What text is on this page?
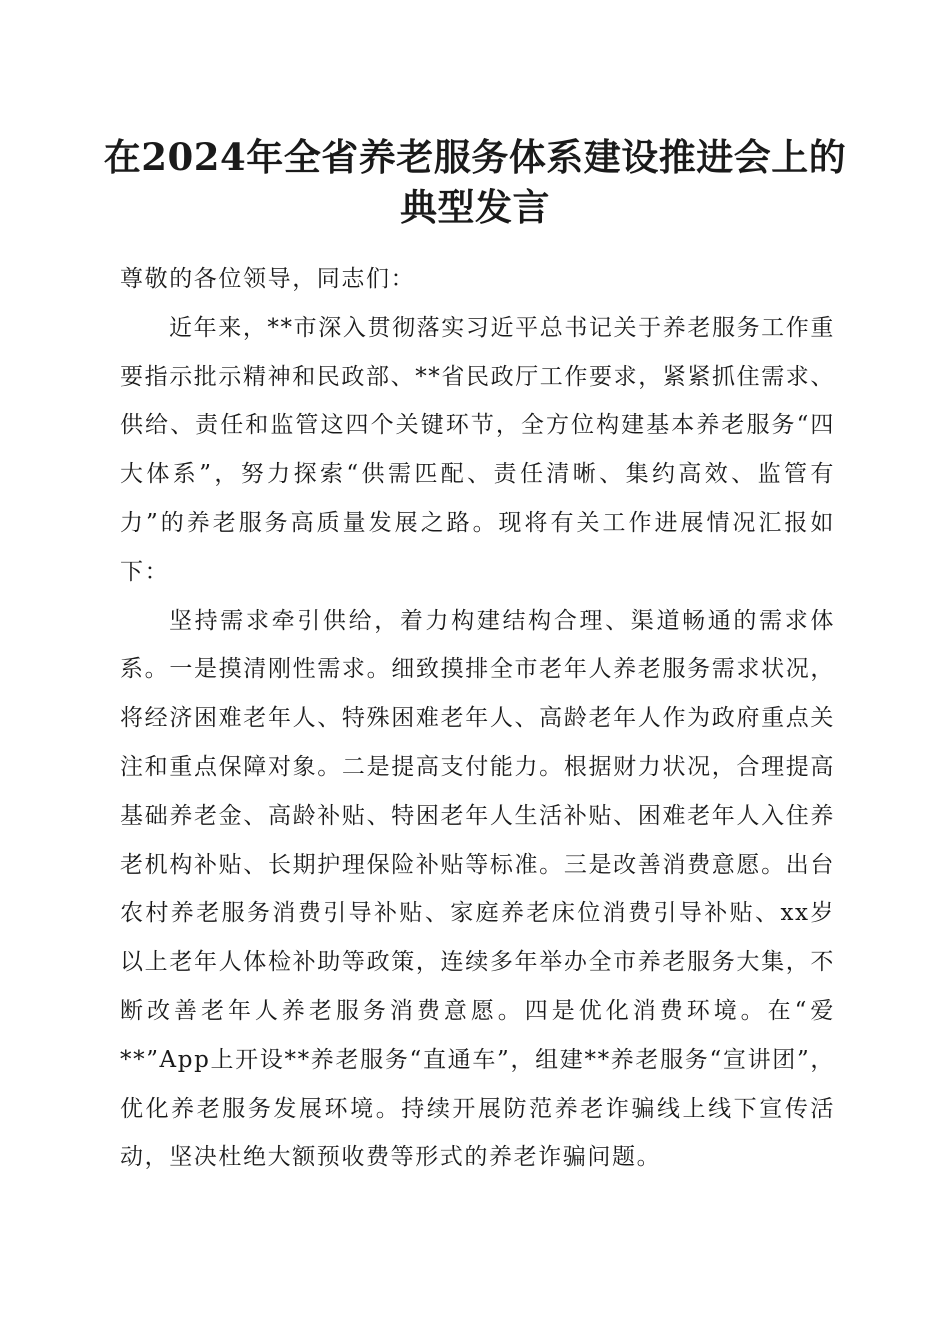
在2024年全省养老服务体系建设推进会上的
典型发言

尊敬的各位领导，同志们：

近年来，**市深入贯彻落实习近平总书记关于养老服务工作重要指示批示精神和民政部、**省民政厅工作要求，紧紧抓住需求、供给、责任和监管这四个关键环节，全方位构建基本养老服务“四大体系”，努力探索“供需匹配、责任清晰、集约高效、监管有力”的养老服务高质量发展之路。现将有关工作进展情况汇报如下：

坚持需求牵引供给，着力构建结构合理、渠道畅通的需求体系。一是摸清刚性需求。细致摸排全市老年人养老服务需求状况，将经济困难老年人、特殊困难老年人、高龄老年人作为政府重点关注和重点保障对象。二是提高支付能力。根据财力状况，合理提高基础养老金、高龄补贴、特困老年人生活补贴、困难老年人入住养老机构补贴、长期护理保险补贴等标准。三是改善消费意愿。出台农村养老服务消费引导补贴、家庭养老床位消费引导补贴、xx岁以上老年人体检补助等政策，连续多年举办全市养老服务大集，不断改善老年人养老服务消费意愿。四是优化消费环境。在“爱**”App上开设**养老服务“直通车”，组建**养老服务“宣讲团”，优化养老服务发展环境。持续开展防范养老诈骗线上线下宣传活动，坚决杜绝大额预收费等形式的养老诈骗问题。
